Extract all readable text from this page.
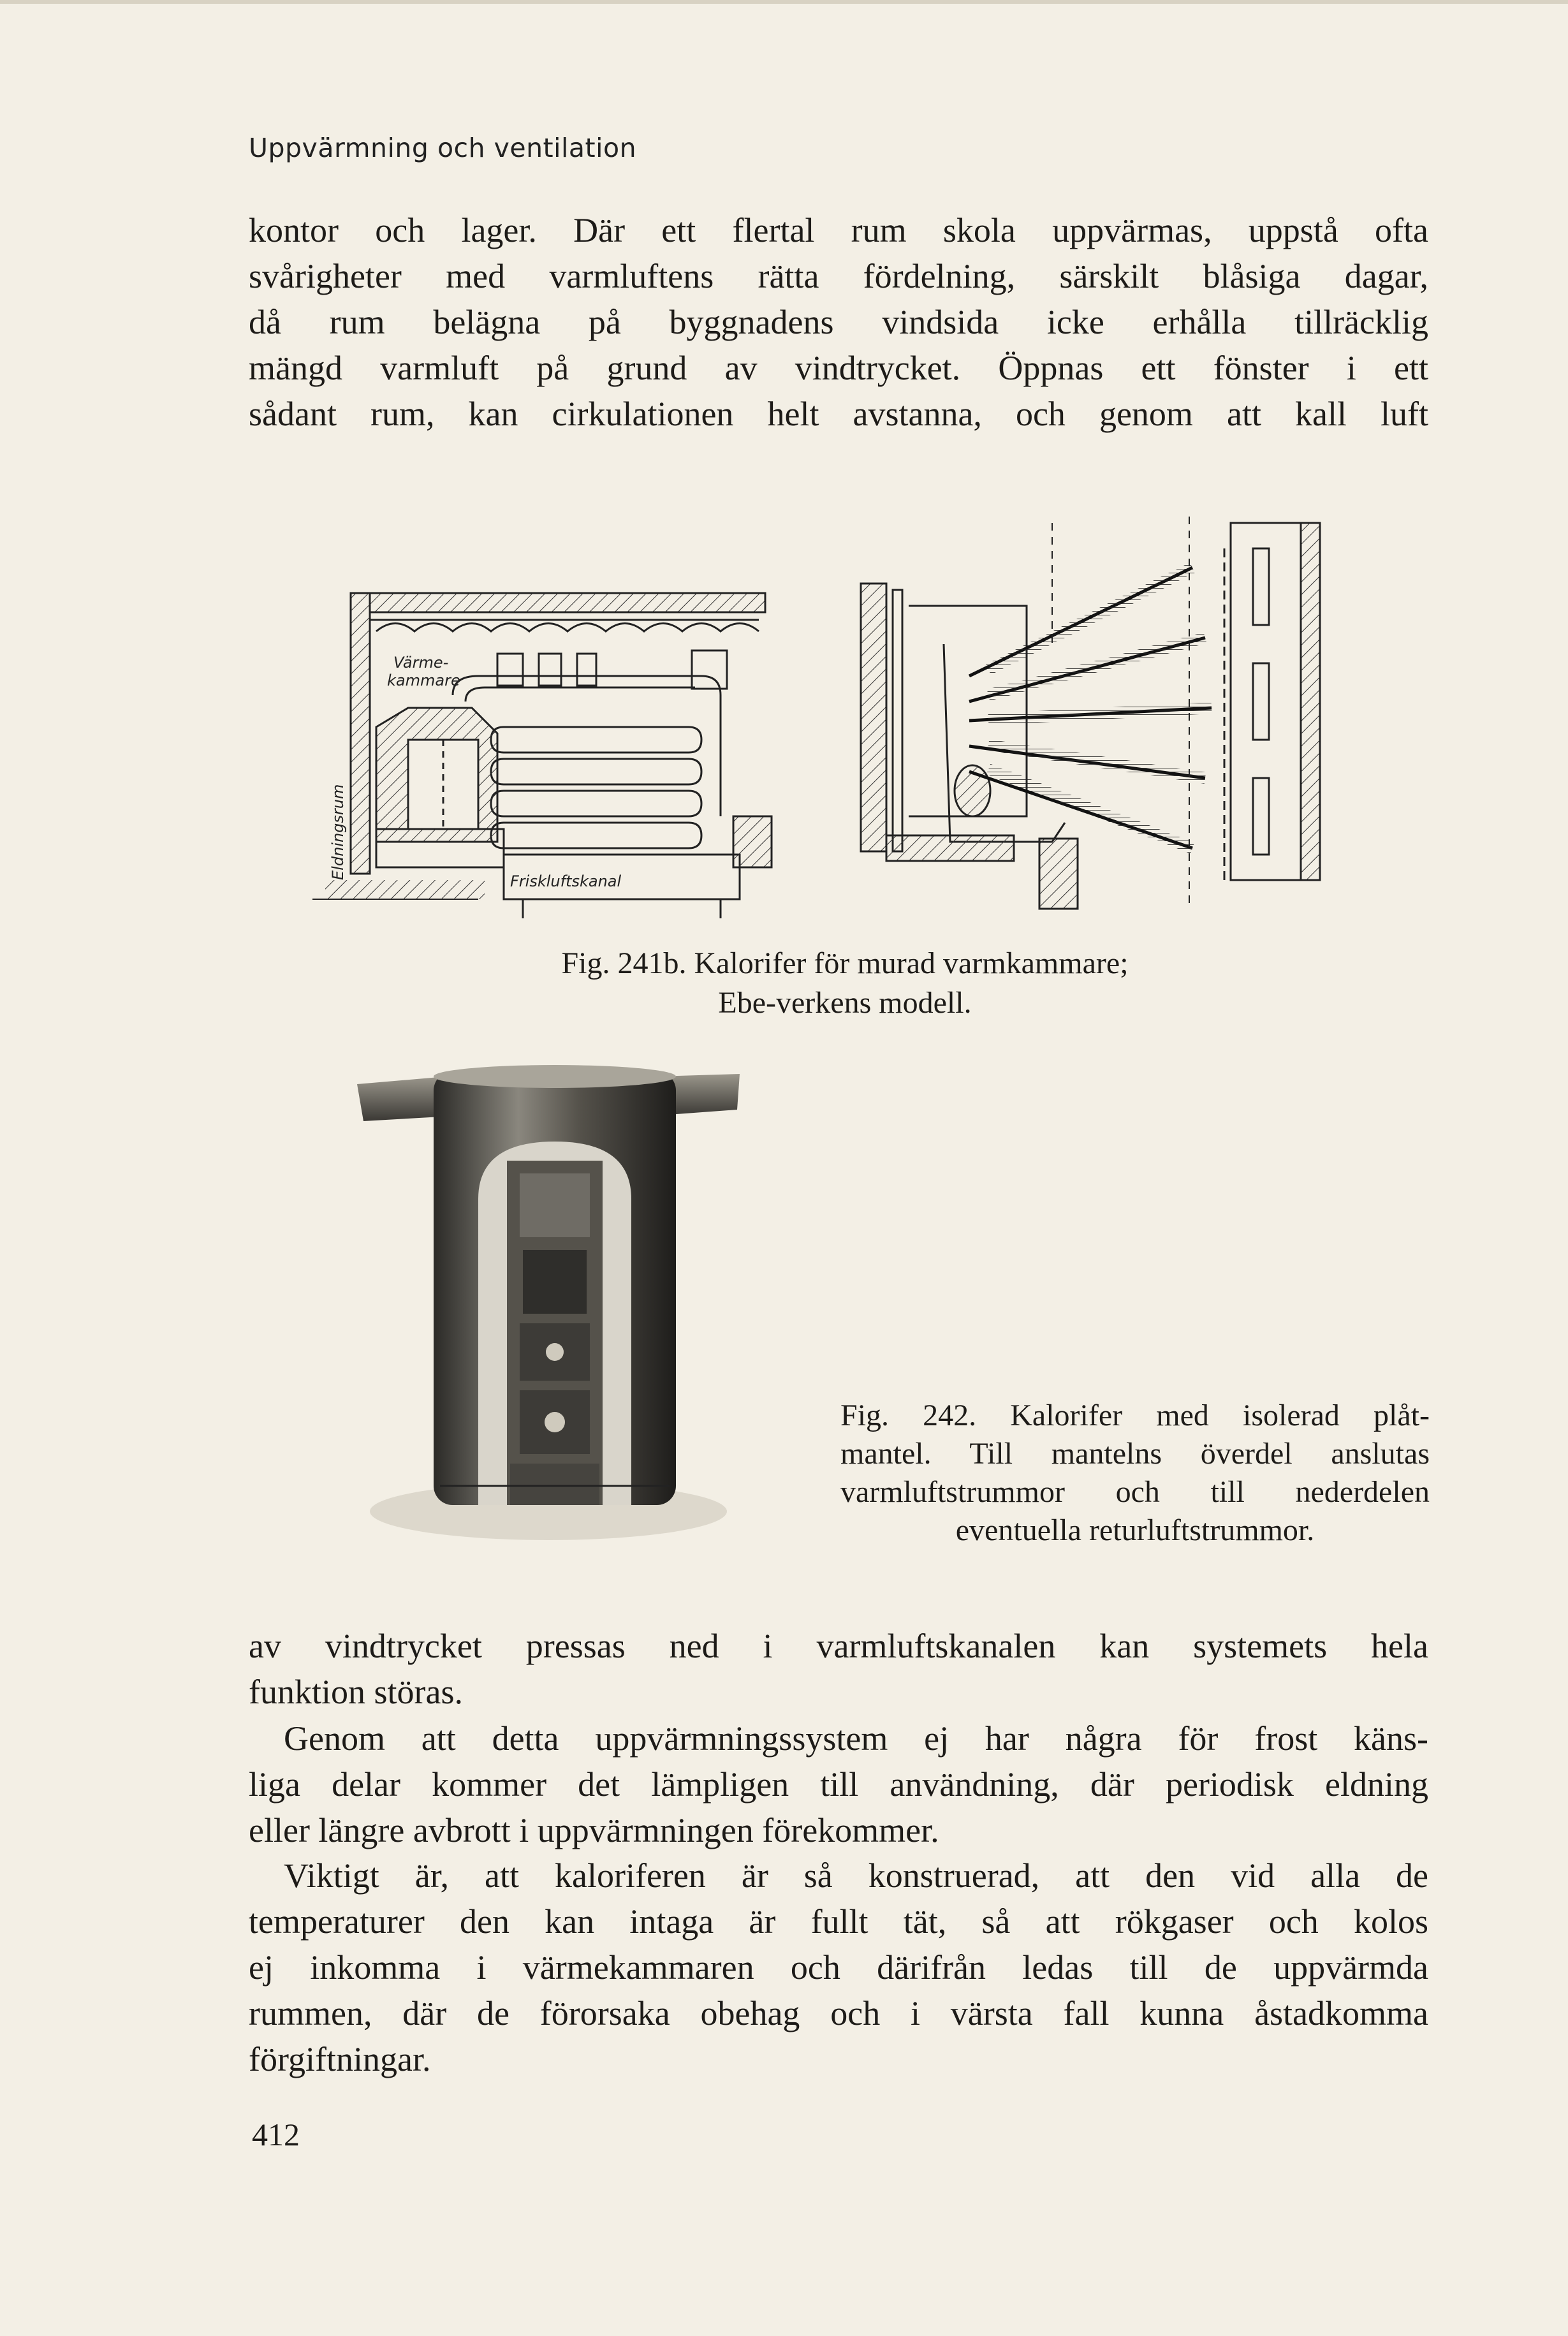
Uppvärmning och ventilation
kontor och lager. Där ett flertal rum skola uppvärmas, uppstå ofta
svårigheter med varmluftens rätta fördelning, särskilt blåsiga dagar,
då rum belägna på byggnadens vindsida icke erhålla tillräcklig
mängd varmluft på grund av vindtrycket. Öppnas ett fönster i ett
sådant rum, kan cirkulationen helt avstanna, och genom att kall luft
Värme-
kammare
Eldningsrum
Friskluftskanal
Fig. 241b. Kalorifer för murad varmkammare;
Ebe-verkens modell.
Fig. 242. Kalorifer med isolerad plåt-
mantel. Till mantelns överdel anslutas
varmluftstrummor och till nederdelen
eventuella returluftstrummor.
av vindtrycket pressas ned i varmluftskanalen kan systemets hela
funktion störas.
Genom att detta uppvärmningssystem ej har några för frost käns-
liga delar kommer det lämpligen till användning, där periodisk eldning
eller längre avbrott i uppvärmningen förekommer.
Viktigt är, att kaloriferen är så konstruerad, att den vid alla de
temperaturer den kan intaga är fullt tät, så att rökgaser och kolos
ej inkomma i värmekammaren och därifrån ledas till de uppvärmda
rummen, där de förorsaka obehag och i värsta fall kunna åstadkomma
förgiftningar.
412
